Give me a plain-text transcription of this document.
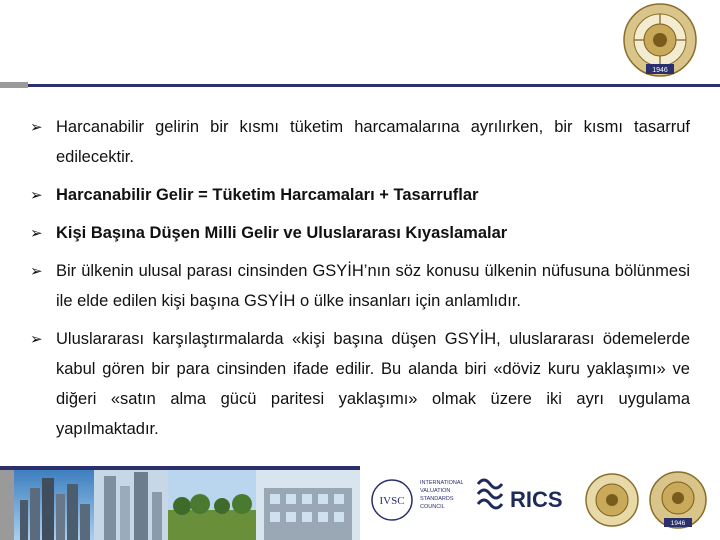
1946
➢ Harcanabilir gelirin bir kısmı tüketim harcamalarına ayrılırken, bir kısmı tasarruf edilecektir.
➢ Harcanabilir Gelir = Tüketim Harcamaları + Tasarruflar
➢ Kişi Başına Düşen Milli Gelir ve Uluslararası Kıyaslamalar
➢ Bir ülkenin ulusal parası cinsinden GSYİH’nın söz konusu ülkenin nüfusuna bölünmesi ile elde edilen kişi başına GSYİH o ülke insanları için anlamlıdır.
➢ Uluslararası karşılaştırmalarda «kişi başına düşen GSYİH, uluslararası ödemelerde kabul gören bir para cinsinden ifade edilir. Bu alanda biri «döviz kuru yaklaşımı» ve diğeri «satın alma gücü paritesi yaklaşımı» olmak üzere iki ayrı uygulama yapılmaktadır.
IVSC
INTERNATIONAL
VALUATION
STANDARDS
COUNCIL	RICS
1946
